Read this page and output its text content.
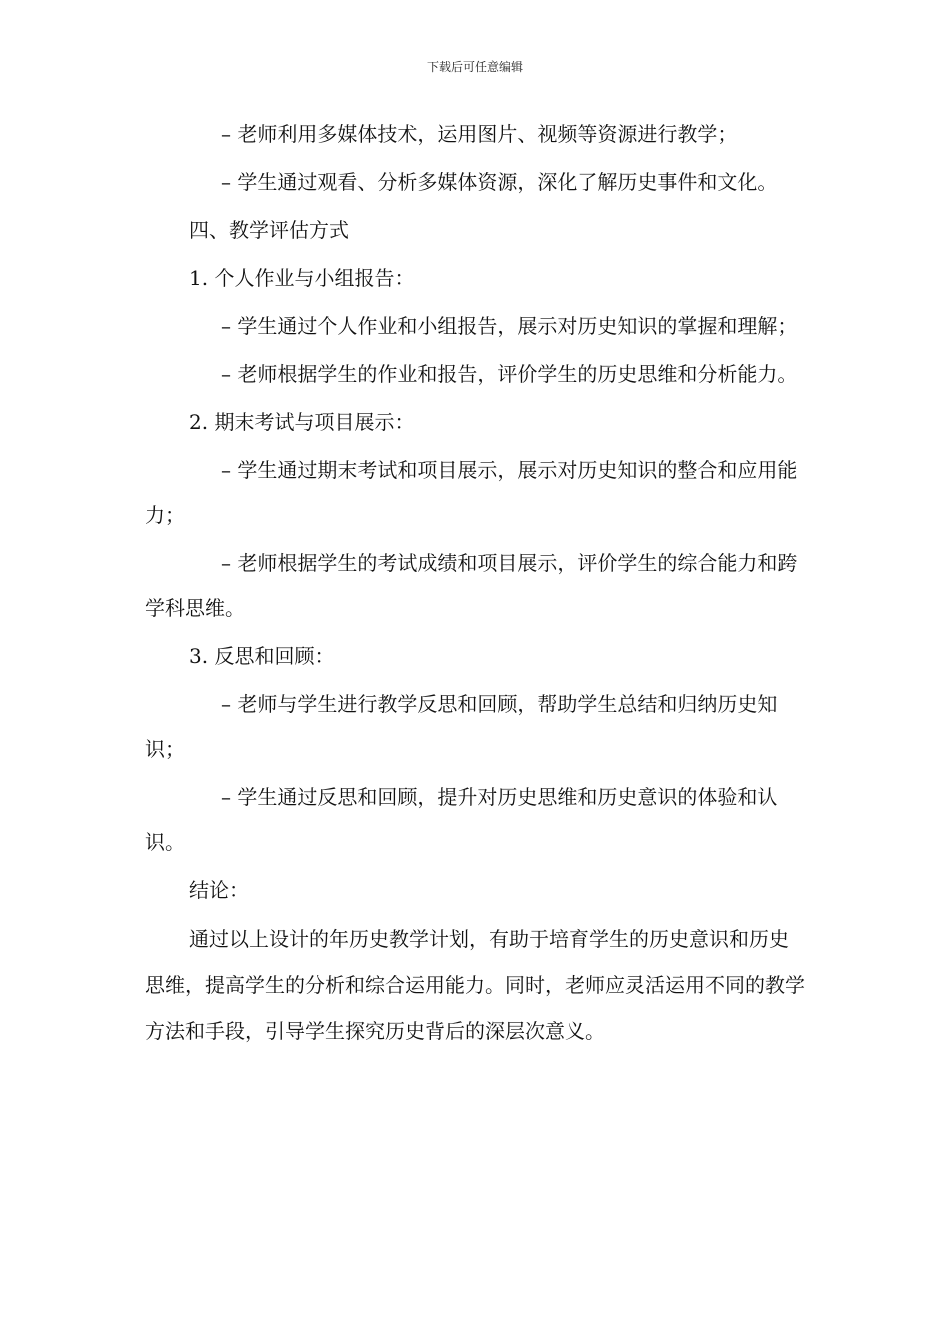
下载后可任意编辑

– 老师利用多媒体技术，运用图片、视频等资源进行教学；

– 学生通过观看、分析多媒体资源，深化了解历史事件和文化。

四、教学评估方式

1. 个人作业与小组报告：

– 学生通过个人作业和小组报告，展示对历史知识的掌握和理解；

– 老师根据学生的作业和报告，评价学生的历史思维和分析能力。

2. 期末考试与项目展示：

– 学生通过期末考试和项目展示，展示对历史知识的整合和应用能力；

– 老师根据学生的考试成绩和项目展示，评价学生的综合能力和跨学科思维。

3. 反思和回顾：

– 老师与学生进行教学反思和回顾，帮助学生总结和归纳历史知识；

– 学生通过反思和回顾，提升对历史思维和历史意识的体验和认识。

结论：

通过以上设计的年历史教学计划，有助于培育学生的历史意识和历史思维，提高学生的分析和综合运用能力。同时，老师应灵活运用不同的教学方法和手段，引导学生探究历史背后的深层次意义。
